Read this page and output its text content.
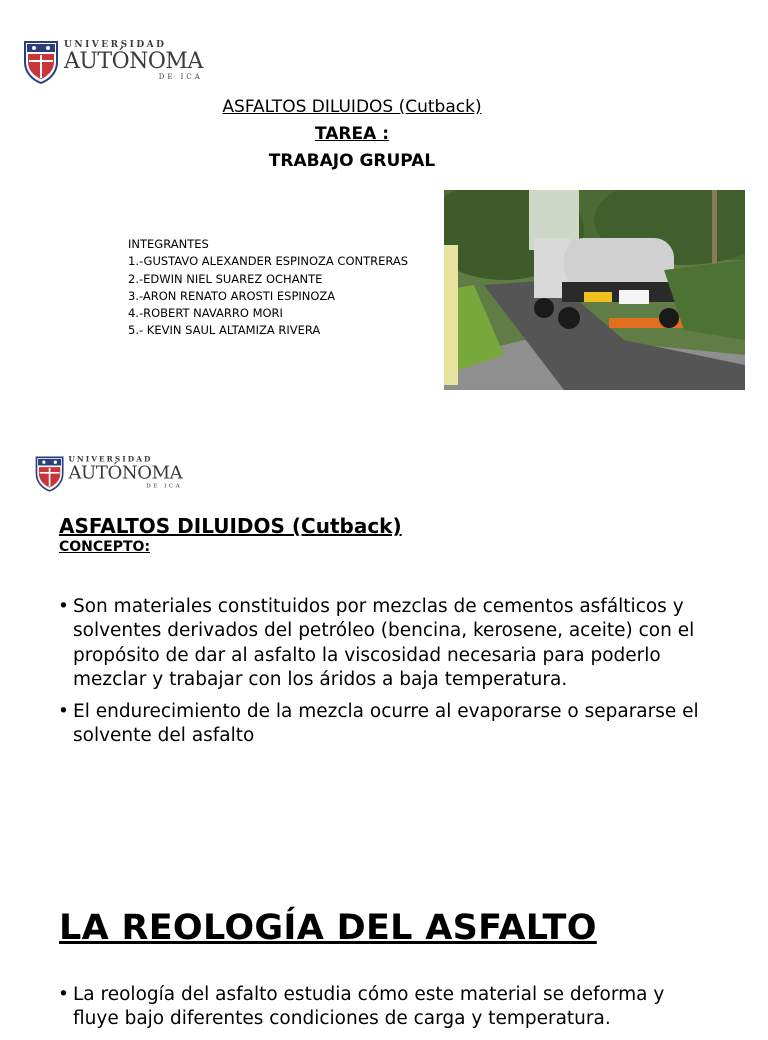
UNIVERSIDAD
AUTÓNOMA
DE ICA
ASFALTOS DILUIDOS (Cutback)
TAREA :
TRABAJO GRUPAL
INTEGRANTES
1.-GUSTAVO ALEXANDER ESPINOZA CONTRERAS
2.-EDWIN NIEL SUAREZ OCHANTE
3.-ARON RENATO AROSTI ESPINOZA
4.-ROBERT NAVARRO MORI
5.- KEVIN SAUL ALTAMIZA RIVERA
UNIVERSIDAD
AUTÓNOMA
DE ICA
ASFALTOS DILUIDOS (Cutback)
CONCEPTO:
• Son materiales constituidos por mezclas de cementos asfálticos y solventes derivados del petróleo (bencina, kerosene, aceite) con el propósito de dar al asfalto la viscosidad necesaria para poderlo mezclar y trabajar con los áridos a baja temperatura.
• El endurecimiento de la mezcla ocurre al evaporarse o separarse el solvente del asfalto
LA REOLOGÍA DEL ASFALTO
• La reología del asfalto estudia cómo este material se deforma y fluye bajo diferentes condiciones de carga y temperatura.
